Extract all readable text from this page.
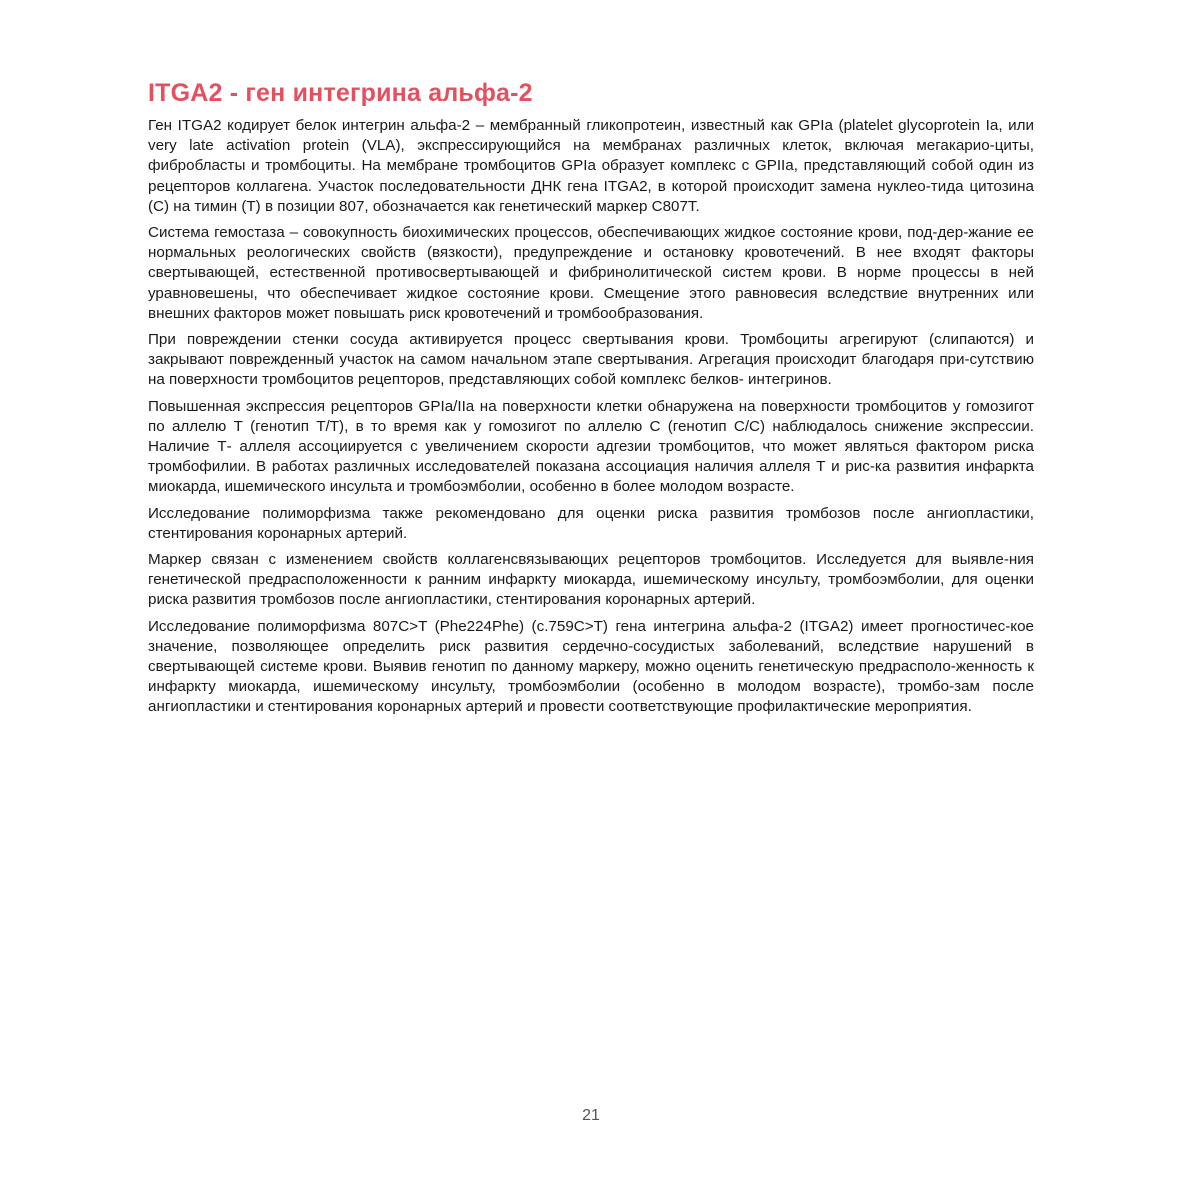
ITGA2 - ген интегрина альфа-2

Ген ITGA2 кодирует белок интегрин альфа-2 – мембранный гликопротеин, известный как GPIa (platelet glycoprotein Ia, или very late activation protein (VLA), экспрессирующийся на мембранах различных клеток, включая мегакарио-циты, фибробласты и тромбоциты. На мембране тромбоцитов GPIa образует комплекс с GPIIa, представляющий собой один из рецепторов коллагена. Участок последовательности ДНК гена ITGA2, в которой происходит замена нуклео-тида цитозина (С) на тимин (Т) в позиции 807, обозначается как генетический маркер C807T.

Система гемостаза – совокупность биохимических процессов, обеспечивающих жидкое состояние крови, под-дер-жание ее нормальных реологических свойств (вязкости), предупреждение и остановку кровотечений. В нее входят факторы свертывающей, естественной противосвертывающей и фибринолитической систем крови. В норме процессы в ней уравновешены, что обеспечивает жидкое состояние крови. Смещение этого равновесия вследствие внутренних или внешних факторов может повышать риск кровотечений и тромбообразования.

При повреждении стенки сосуда активируется процесс свертывания крови. Тромбоциты агрегируют (слипаются) и закрывают поврежденный участок на самом начальном этапе свертывания. Агрегация происходит благодаря при-сутствию на поверхности тромбоцитов рецепторов, представляющих собой комплекс белков- интегринов.

Повышенная экспрессия рецепторов GPIa/IIa на поверхности клетки обнаружена на поверхности тромбоцитов у гомозигот по аллелю Т (генотип Т/Т), в то время как у гомозигот по аллелю С (генотип С/С) наблюдалось снижение экспрессии. Наличие Т- аллеля ассоциируется с увеличением скорости адгезии тромбоцитов, что может являться фактором риска тромбофилии. В работах различных исследователей показана ассоциация наличия аллеля Т и рис-ка развития инфаркта миокарда, ишемического инсульта и тромбоэмболии, особенно в более молодом возрасте.

Исследование полиморфизма также рекомендовано для оценки риска развития тромбозов после ангиопластики, стентирования коронарных артерий.

Маркер связан с изменением свойств коллагенсвязывающих рецепторов тромбоцитов. Исследуется для выявле-ния генетической предрасположенности к ранним инфаркту миокарда, ишемическому инсульту, тромбоэмболии, для оценки риска развития тромбозов после ангиопластики, стентирования коронарных артерий.

Исследование полиморфизма 807C>T (Phe224Phe) (c.759C>T) гена интегрина альфа-2 (ITGA2) имеет прогностичес-кое значение, позволяющее определить риск развития сердечно-сосудистых заболеваний, вследствие нарушений в свертывающей системе крови. Выявив генотип по данному маркеру, можно оценить генетическую предрасполо-женность к инфаркту миокарда, ишемическому инсульту, тромбоэмболии (особенно в молодом возрасте), тромбо-зам после ангиопластики и стентирования коронарных артерий и провести соответствующие профилактические мероприятия.

21
